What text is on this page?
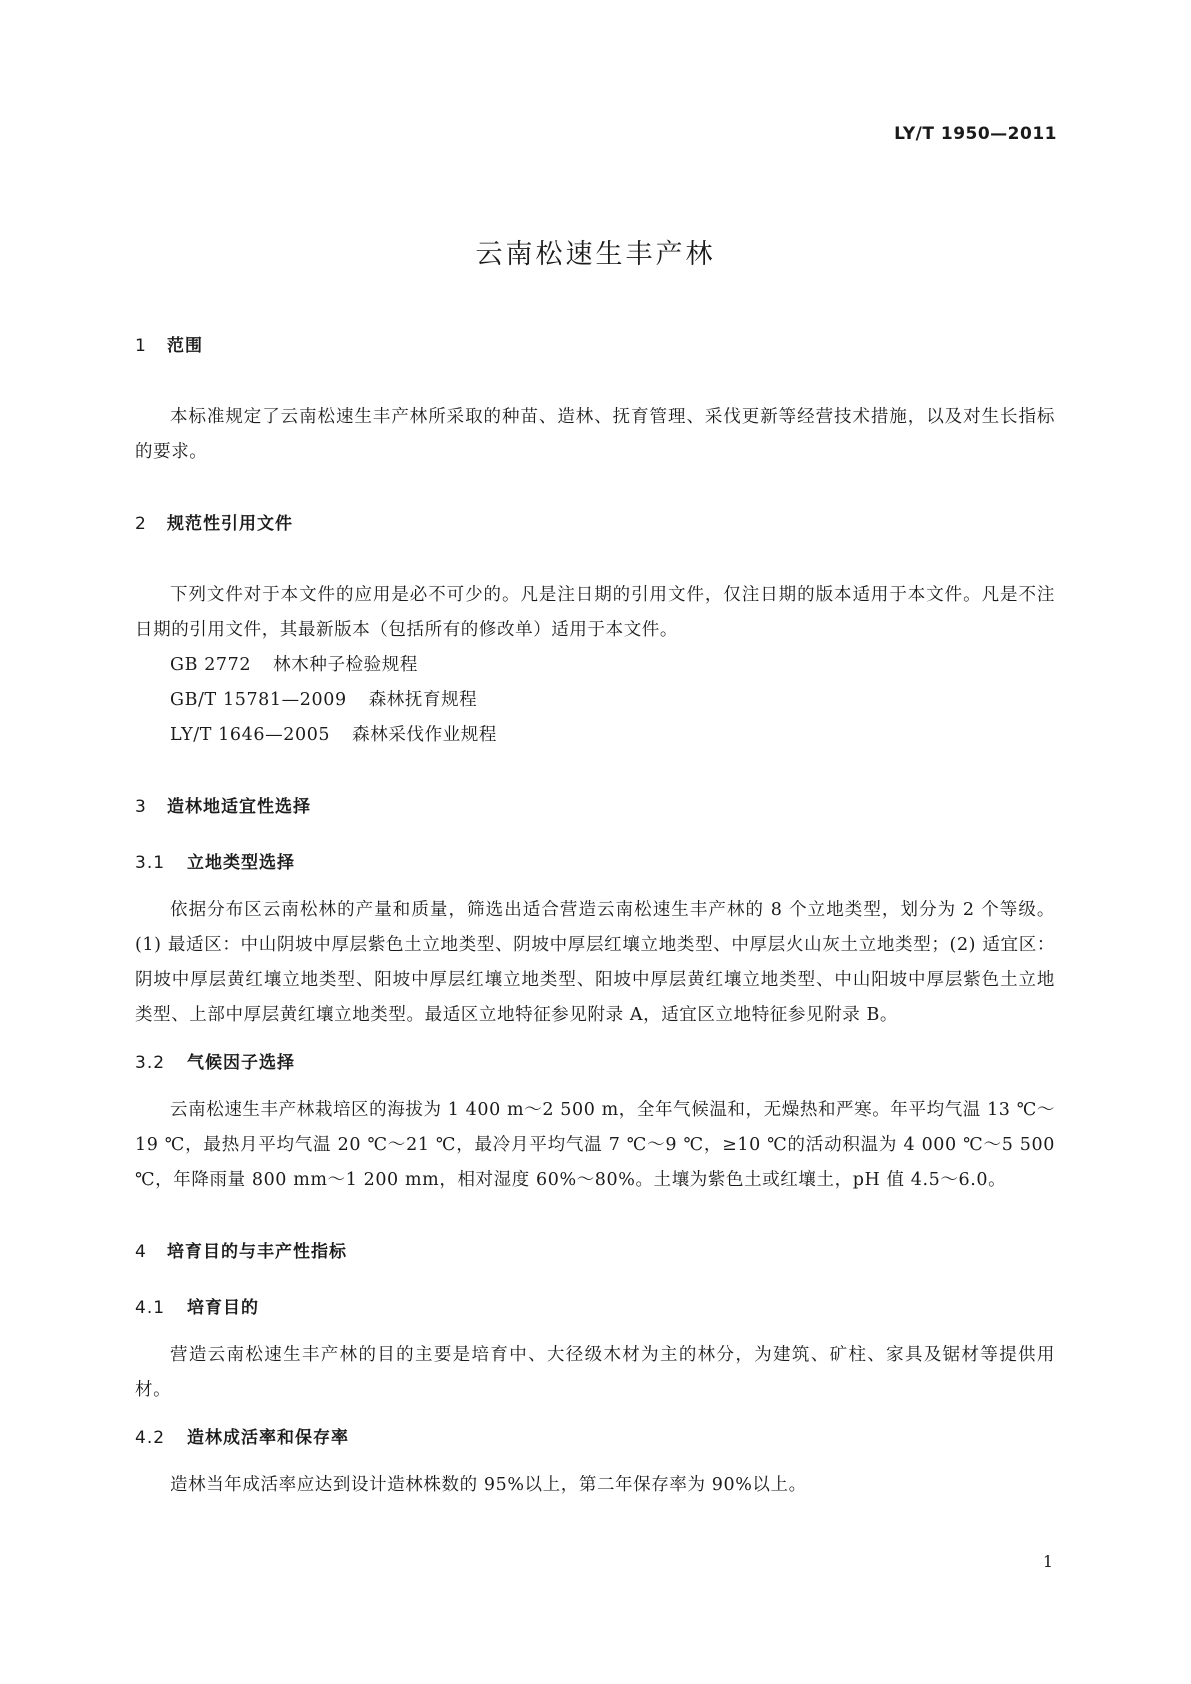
LY/T 1950—2011
云南松速生丰产林
1 范围

本标准规定了云南松速生丰产林所采取的种苗、造林、抚育管理、采伐更新等经营技术措施，以及对生长指标的要求。

2 规范性引用文件

下列文件对于本文件的应用是必不可少的。凡是注日期的引用文件，仅注日期的版本适用于本文件。凡是不注日期的引用文件，其最新版本（包括所有的修改单）适用于本文件。

GB 2772 林木种子检验规程
GB/T 15781—2009 森林抚育规程
LY/T 1646—2005 森林采伐作业规程
3 造林地适宜性选择
3.1 立地类型选择

依据分布区云南松林的产量和质量，筛选出适合营造云南松速生丰产林的 8 个立地类型，划分为 2 个等级。(1) 最适区：中山阴坡中厚层紫色土立地类型、阴坡中厚层红壤立地类型、中厚层火山灰土立地类型；(2) 适宜区：阴坡中厚层黄红壤立地类型、阳坡中厚层红壤立地类型、阳坡中厚层黄红壤立地类型、中山阳坡中厚层紫色土立地类型、上部中厚层黄红壤立地类型。最适区立地特征参见附录 A，适宜区立地特征参见附录 B。

3.2 气候因子选择

云南松速生丰产林栽培区的海拔为 1 400 m～2 500 m，全年气候温和，无燥热和严寒。年平均气温 13 ℃～19 ℃，最热月平均气温 20 ℃～21 ℃，最冷月平均气温 7 ℃～9 ℃，≥10 ℃的活动积温为 4 000 ℃～5 500 ℃，年降雨量 800 mm～1 200 mm，相对湿度 60%～80%。土壤为紫色土或红壤土，pH 值 4.5～6.0。

4 培育目的与丰产性指标
4.1 培育目的

营造云南松速生丰产林的目的主要是培育中、大径级木材为主的林分，为建筑、矿柱、家具及锯材等提供用材。

4.2 造林成活率和保存率

造林当年成活率应达到设计造林株数的 95%以上，第二年保存率为 90%以上。

1
